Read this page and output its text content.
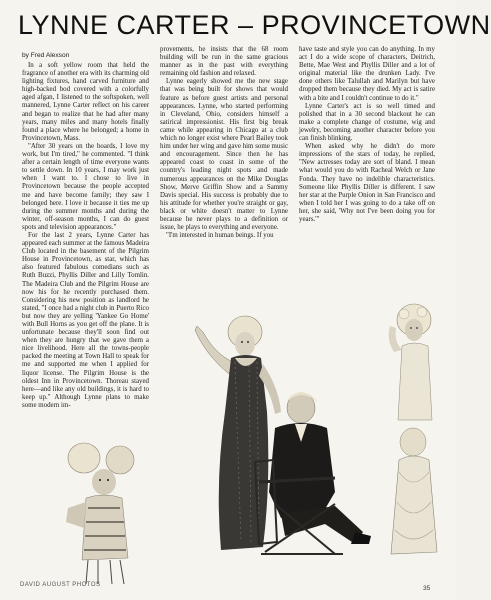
LYNNE CARTER – PROVINCETOWN
by Fred Alexson

In a soft yellow room that held the fragrance of another era with its charming old lighting fixtures, hand carved furniture and high-backed bod covered with a colorfully aged afgan, I listened to the softspoken, well mannered, Lynne Carter reflect on his career and began to realize that he had after many years, many miles and many hotels finally found a place where he belonged; a home in Provincetown, Mass.

"After 30 years on the boards, I love my work, but I'm tired," he commented. "I think after a certain length of time everyone wants to settle down. In 10 years, I may work just when I want to. I chose to live in Provincetown because the people accepted me and have become family; they saw I belonged here. I love it because it ties me up during the summer months and during the winter, off-season months, I can do guest spots and television appearances."

For the last 2 years, Lynne Carter has appeared each summer at the famous Madeira Club located in the basement of the Pilgrim House in Provincetown, as star, which has also featured fabulous comedians such as Ruth Buzzi, Phyllis Diller and Lilly Tomlin. The Madeira Club and the Pilgrim House are now his for he recently purchased them. Considering his new position as landlord he stated, "I once had a night club in Puerto Rico but now they are yelling 'Yankee Go Home' with Bull Horns as you get off the plane. It is unfortunate because they'll soon find out when they are hungry that we gave them a nice livelihood. Here all the towns-people packed the meeting at Town Hall to speak for me and supported me when I applied for liquor license. The Pilgrim House is the oldest Inn in Provincetown. Thoreau stayed here—and like any old buildings, it is hard to keep up." Although Lynne plans to make some modern im-

provements, he insists that the 68 room building will be run in the same gracious manner as in the past with everything remaining old fashion and relaxed.

Lynne eagerly showed me the new stage that was being built for shows that would feature as before guest artists and personal appearances. Lynne, who started performing in Cleveland, Ohio, considers himself a satirical impressionist. His first big break came while appearing in Chicago at a club which no longer exist where Pearl Bailey took him under her wing and gave him some music and encouragement. Since then he has appeared coast to coast in some of the country's leading night spots and made numerous appearances on the Mike Douglas Show, Merve Griffin Show and a Sammy Davis special. His success is probably due to his attitude for whether you're straight or gay, black or white doesn't matter to Lynne because he never plays to a definition or issue, he plays to everything and everyone.

"I'm interested in human beings. If you

have taste and style you can do anything. In my act I do a wide scope of characters, Deitrich, Bette, Mae West and Phyllis Diller and a lot of original material like the drunken Lady. I've done others like Talullah and Marilyn but have dropped them because they died. My act is satire with a bite and I couldn't continue to do it."

Lynne Carter's act is so well timed and polished that in a 30 second blackout he can make a complete change of costume, wig and jewelry, becoming another character before you can finish blinking.

When asked why he didn't do more impressions of the stars of today, he replied, "New actresses today are sort of bland. I mean what would you do with Racheal Welch or Jane Fonda. They have no indelible characteristics. Someone like Phyllis Diller is different. I saw her star at the Purple Onion in San Francisco and when I told her I was going to do a take off on her, she said, 'Why not I've been doing you for years.'"

DAVID AUGUST PHOTOS	35
